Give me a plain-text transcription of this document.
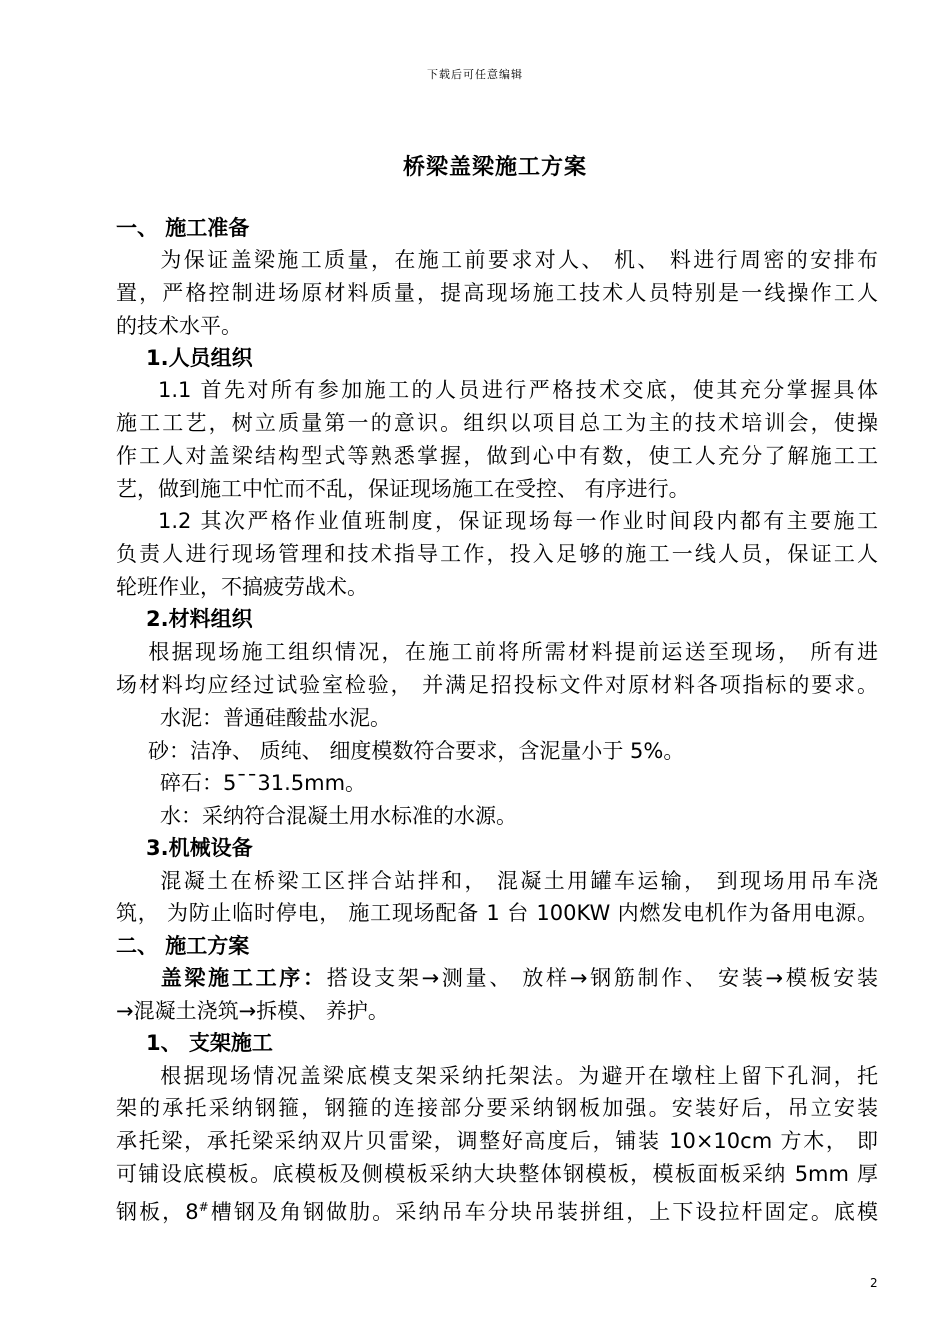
下载后可任意编辑
桥梁盖梁施工方案
一、 施工准备
为保证盖梁施工质量，在施工前要求对人、 机、 料进行周密的安排布
置，严格控制进场原材料质量，提高现场施工技术人员特别是一线操作工人
的技术水平。
1.人员组织
1.1 首先对所有参加施工的人员进行严格技术交底，使其充分掌握具体
施工工艺，树立质量第一的意识。组织以项目总工为主的技术培训会，使操
作工人对盖梁结构型式等熟悉掌握，做到心中有数，使工人充分了解施工工
艺，做到施工中忙而不乱，保证现场施工在受控、 有序进行。
1.2 其次严格作业值班制度，保证现场每一作业时间段内都有主要施工
负责人进行现场管理和技术指导工作，投入足够的施工一线人员，保证工人
轮班作业，不搞疲劳战术。
2.材料组织
根据现场施工组织情况，在施工前将所需材料提前运送至现场， 所有进
场材料均应经过试验室检验， 并满足招投标文件对原材料各项指标的要求。
水泥：普通硅酸盐水泥。
砂：洁净、 质纯、 细度模数符合要求，含泥量小于 5%。
碎石：5¯¯31.5mm。
水：采纳符合混凝土用水标准的水源。
3.机械设备
混凝土在桥梁工区拌合站拌和， 混凝土用罐车运输， 到现场用吊车浇
筑， 为防止临时停电， 施工现场配备 1 台 100KW 内燃发电机作为备用电源。
二、 施工方案
盖梁施工工序：搭设支架→测量、 放样→钢筋制作、 安装→模板安装
→混凝土浇筑→拆模、 养护。
1、 支架施工
根据现场情况盖梁底模支架采纳托架法。为避开在墩柱上留下孔洞，托
架的承托采纳钢箍，钢箍的连接部分要采纳钢板加强。安装好后，吊立安装
承托梁，承托梁采纳双片贝雷梁，调整好高度后，铺装 10×10cm 方木， 即
可铺设底模板。底模板及侧模板采纳大块整体钢模板，模板面板采纳 5mm 厚
钢板，8#槽钢及角钢做肋。采纳吊车分块吊装拼组，上下设拉杆固定。底模
2
